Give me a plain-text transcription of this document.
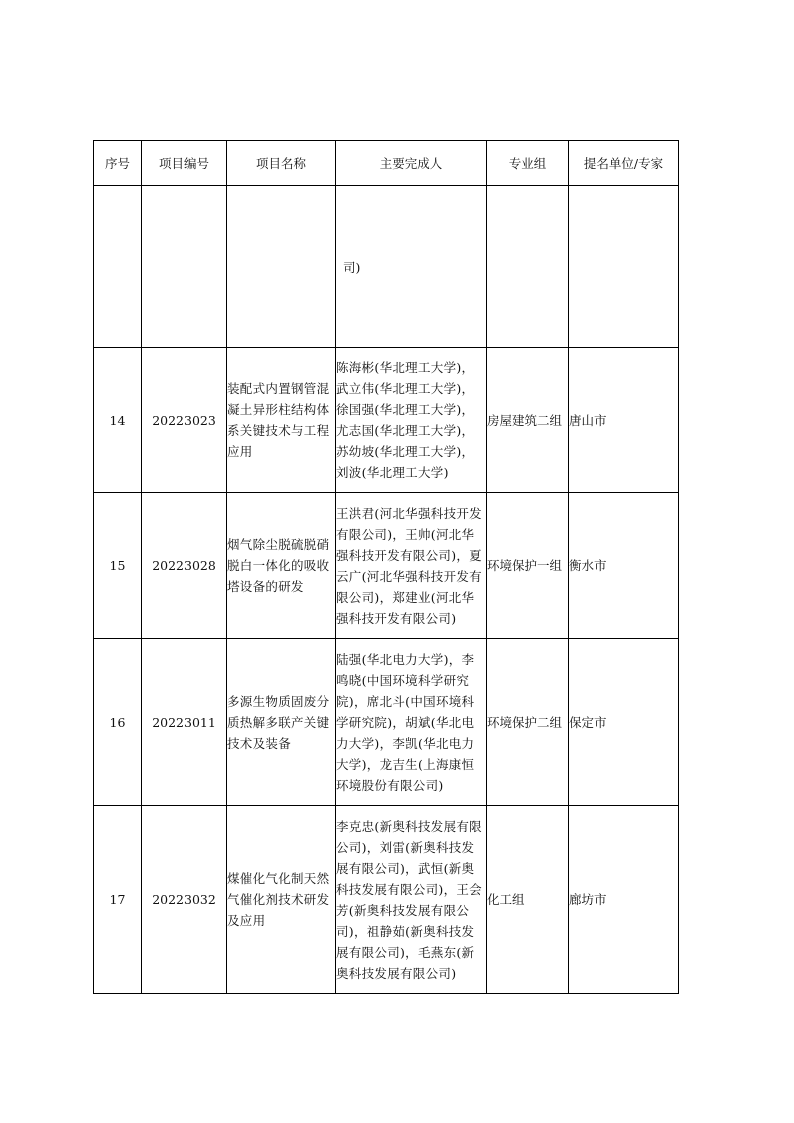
序号	项目编号	项目名称	主要完成人	专业组	提名单位/专家

			司)		

14	20223023	装配式内置钢管混凝土异形柱结构体系关键技术与工程应用	陈海彬(华北理工大学)，武立伟(华北理工大学)，徐国强(华北理工大学)，尤志国(华北理工大学)，苏幼坡(华北理工大学)，刘波(华北理工大学)	房屋建筑二组	唐山市
15	20223028	烟气除尘脱硫脱硝脱白一体化的吸收塔设备的研发	王洪君(河北华强科技开发有限公司)，王帅(河北华强科技开发有限公司)，夏云广(河北华强科技开发有限公司)，郑建业(河北华强科技开发有限公司)	环境保护一组	衡水市
16	20223011	多源生物质固废分质热解多联产关键技术及装备	陆强(华北电力大学)，李鸣晓(中国环境科学研究院)，席北斗(中国环境科学研究院)，胡斌(华北电力大学)，李凯(华北电力大学)，龙吉生(上海康恒环境股份有限公司)	环境保护二组	保定市
17	20223032	煤催化气化制天然气催化剂技术研发及应用	李克忠(新奥科技发展有限公司)，刘雷(新奥科技发展有限公司)，武恒(新奥科技发展有限公司)，王会芳(新奥科技发展有限公司)，祖静茹(新奥科技发展有限公司)，毛燕东(新奥科技发展有限公司)	化工组	廊坊市
